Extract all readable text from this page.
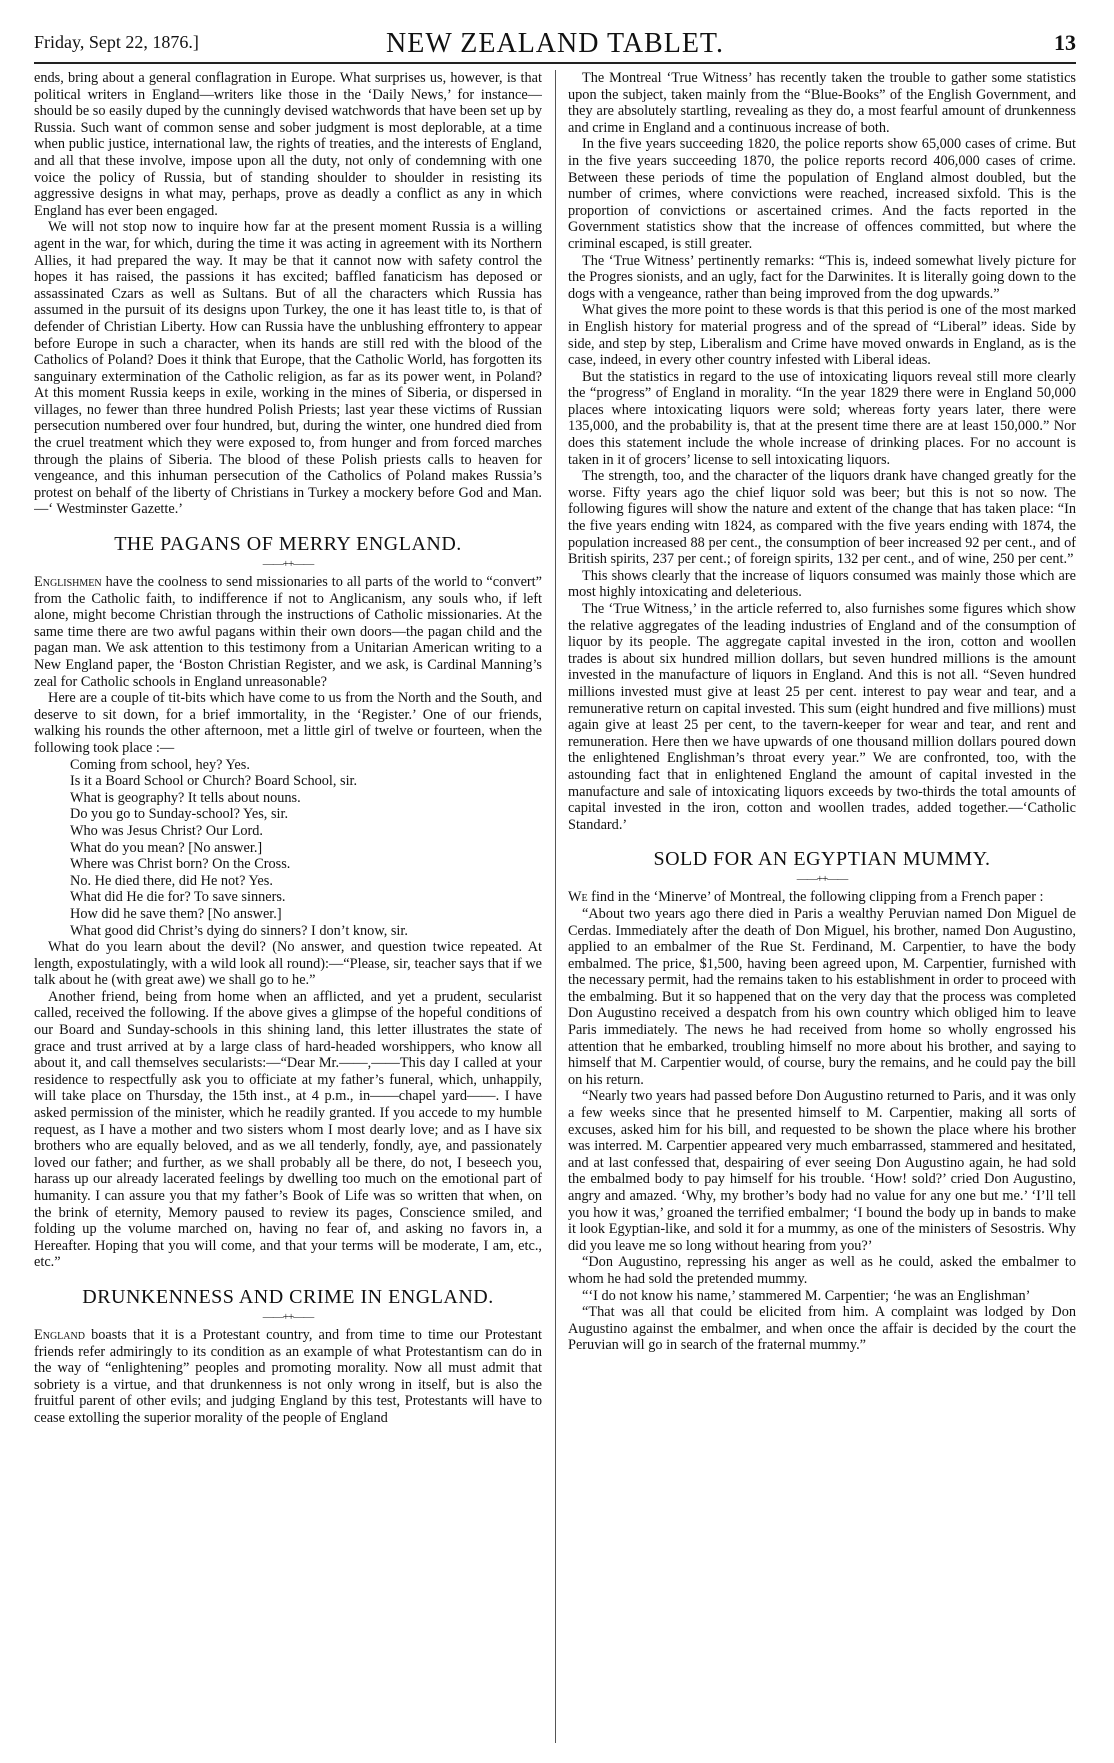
Friday, Sept 22, 1876.]	NEW ZEALAND TABLET.	13

ends, bring about a general conflagration in Europe. What surprises us, however, is that political writers in England—writers like those in the ‘Daily News,’ for instance—should be so easily duped by the cunningly devised watchwords that have been set up by Russia. Such want of common sense and sober judgment is most deplorable, at a time when public justice, international law, the rights of treaties, and the interests of England, and all that these involve, impose upon all the duty, not only of condemning with one voice the policy of Russia, but of standing shoulder to shoulder in resisting its aggressive designs in what may, perhaps, prove as deadly a conflict as any in which England has ever been engaged.

We will not stop now to inquire how far at the present moment Russia is a willing agent in the war, for which, during the time it was acting in agreement with its Northern Allies, it had prepared the way. It may be that it cannot now with safety control the hopes it has raised, the passions it has excited; baffled fanaticism has deposed or assassinated Czars as well as Sultans. But of all the characters which Russia has assumed in the pursuit of its designs upon Turkey, the one it has least title to, is that of defender of Christian Liberty. How can Russia have the unblushing effrontery to appear before Europe in such a character, when its hands are still red with the blood of the Catholics of Poland? Does it think that Europe, that the Catholic World, has forgotten its sanguinary extermination of the Catholic religion, as far as its power went, in Poland? At this moment Russia keeps in exile, working in the mines of Siberia, or dispersed in villages, no fewer than three hundred Polish Priests; last year these victims of Russian persecution numbered over four hundred, but, during the winter, one hundred died from the cruel treatment which they were exposed to, from hunger and from forced marches through the plains of Siberia. The blood of these Polish priests calls to heaven for vengeance, and this inhuman persecution of the Catholics of Poland makes Russia’s protest on behalf of the liberty of Christians in Turkey a mockery before God and Man.—‘ Westminster Gazette.’

THE PAGANS OF MERRY ENGLAND.
——++——

Englishmen have the coolness to send missionaries to all parts of the world to “convert” from the Catholic faith, to indifference if not to Anglicanism, any souls who, if left alone, might become Christian through the instructions of Catholic missionaries. At the same time there are two awful pagans within their own doors—the pagan child and the pagan man. We ask attention to this testimony from a Unitarian American writing to a New England paper, the ‘Boston Christian Register, and we ask, is Cardinal Manning’s zeal for Catholic schools in England unreasonable?

Here are a couple of tit-bits which have come to us from the North and the South, and deserve to sit down, for a brief immortality, in the ‘Register.’ One of our friends, walking his rounds the other afternoon, met a little girl of twelve or fourteen, when the following took place :—

Coming from school, hey? Yes.

Is it a Board School or Church? Board School, sir.

What is geography? It tells about nouns.

Do you go to Sunday-school? Yes, sir.

Who was Jesus Christ? Our Lord.

What do you mean? [No answer.]

Where was Christ born? On the Cross.

No. He died there, did He not? Yes.

What did He die for? To save sinners.

How did he save them? [No answer.]

What good did Christ’s dying do sinners? I don’t know, sir.

What do you learn about the devil? (No answer, and question twice repeated. At length, expostulatingly, with a wild look all round):—“Please, sir, teacher says that if we talk about he (with great awe) we shall go to he.”

Another friend, being from home when an afflicted, and yet a prudent, secularist called, received the following. If the above gives a glimpse of the hopeful conditions of our Board and Sunday-schools in this shining land, this letter illustrates the state of grace and trust arrived at by a large class of hard-headed worshippers, who know all about it, and call themselves secularists:—“Dear Mr.——,——This day I called at your residence to respectfully ask you to officiate at my father’s funeral, which, unhappily, will take place on Thursday, the 15th inst., at 4 p.m., in——chapel yard——. I have asked permission of the minister, which he readily granted. If you accede to my humble request, as I have a mother and two sisters whom I most dearly love; and as I have six brothers who are equally beloved, and as we all tenderly, fondly, aye, and passionately loved our father; and further, as we shall probably all be there, do not, I beseech you, harass up our already lacerated feelings by dwelling too much on the emotional part of humanity. I can assure you that my father’s Book of Life was so written that when, on the brink of eternity, Memory paused to review its pages, Conscience smiled, and folding up the volume marched on, having no fear of, and asking no favors in, a Hereafter. Hoping that you will come, and that your terms will be moderate, I am, etc., etc.”

DRUNKENNESS AND CRIME IN ENGLAND.
——++——

England boasts that it is a Protestant country, and from time to time our Protestant friends refer admiringly to its condition as an example of what Protestantism can do in the way of “enlightening” peoples and promoting morality. Now all must admit that sobriety is a virtue, and that drunkenness is not only wrong in itself, but is also the fruitful parent of other evils; and judging England by this test, Protestants will have to cease extolling the superior morality of the people of England

The Montreal ‘True Witness’ has recently taken the trouble to gather some statistics upon the subject, taken mainly from the “Blue-Books” of the English Government, and they are absolutely startling, revealing as they do, a most fearful amount of drunkenness and crime in England and a continuous increase of both.

In the five years succeeding 1820, the police reports show 65,000 cases of crime. But in the five years succeeding 1870, the police reports record 406,000 cases of crime. Between these periods of time the population of England almost doubled, but the number of crimes, where convictions were reached, increased sixfold. This is the proportion of convictions or ascertained crimes. And the facts reported in the Government statistics show that the increase of offences committed, but where the criminal escaped, is still greater.

The ‘True Witness’ pertinently remarks: “This is, indeed somewhat lively picture for the Progres sionists, and an ugly, fact for the Darwinites. It is literally going down to the dogs with a vengeance, rather than being improved from the dog upwards.”

What gives the more point to these words is that this period is one of the most marked in English history for material progress and of the spread of “Liberal” ideas. Side by side, and step by step, Liberalism and Crime have moved onwards in England, as is the case, indeed, in every other country infested with Liberal ideas.

But the statistics in regard to the use of intoxicating liquors reveal still more clearly the “progress” of England in morality. “In the year 1829 there were in England 50,000 places where intoxicating liquors were sold; whereas forty years later, there were 135,000, and the probability is, that at the present time there are at least 150,000.” Nor does this statement include the whole increase of drinking places. For no account is taken in it of grocers’ license to sell intoxicating liquors.

The strength, too, and the character of the liquors drank have changed greatly for the worse. Fifty years ago the chief liquor sold was beer; but this is not so now. The following figures will show the nature and extent of the change that has taken place: “In the five years ending witn 1824, as compared with the five years ending with 1874, the population increased 88 per cent., the consumption of beer increased 92 per cent., and of British spirits, 237 per cent.; of foreign spirits, 132 per cent., and of wine, 250 per cent.”

This shows clearly that the increase of liquors consumed was mainly those which are most highly intoxicating and deleterious.

The ‘True Witness,’ in the article referred to, also furnishes some figures which show the relative aggregates of the leading industries of England and of the consumption of liquor by its people. The aggregate capital invested in the iron, cotton and woollen trades is about six hundred million dollars, but seven hundred millions is the amount invested in the manufacture of liquors in England. And this is not all. “Seven hundred millions invested must give at least 25 per cent. interest to pay wear and tear, and a remunerative return on capital invested. This sum (eight hundred and five millions) must again give at least 25 per cent, to the tavern-keeper for wear and tear, and rent and remuneration. Here then we have upwards of one thousand million dollars poured down the enlightened Englishman’s throat every year.” We are confronted, too, with the astounding fact that in enlightened England the amount of capital invested in the manufacture and sale of intoxicating liquors exceeds by two-thirds the total amounts of capital invested in the iron, cotton and woollen trades, added together.—‘Catholic Standard.’

SOLD FOR AN EGYPTIAN MUMMY.
——++——

We find in the ‘Minerve’ of Montreal, the following clipping from a French paper :

“About two years ago there died in Paris a wealthy Peruvian named Don Miguel de Cerdas. Immediately after the death of Don Miguel, his brother, named Don Augustino, applied to an embalmer of the Rue St. Ferdinand, M. Carpentier, to have the body embalmed. The price, $1,500, having been agreed upon, M. Carpentier, furnished with the necessary permit, had the remains taken to his establishment in order to proceed with the embalming. But it so happened that on the very day that the process was completed Don Augustino received a despatch from his own country which obliged him to leave Paris immediately. The news he had received from home so wholly engrossed his attention that he embarked, troubling himself no more about his brother, and saying to himself that M. Carpentier would, of course, bury the remains, and he could pay the bill on his return.

“Nearly two years had passed before Don Augustino returned to Paris, and it was only a few weeks since that he presented himself to M. Carpentier, making all sorts of excuses, asked him for his bill, and requested to be shown the place where his brother was interred. M. Carpentier appeared very much embarrassed, stammered and hesitated, and at last confessed that, despairing of ever seeing Don Augustino again, he had sold the embalmed body to pay himself for his trouble. ‘How! sold?’ cried Don Augustino, angry and amazed. ‘Why, my brother’s body had no value for any one but me.’ ‘I’ll tell you how it was,’ groaned the terrified embalmer; ‘I bound the body up in bands to make it look Egyptian-like, and sold it for a mummy, as one of the ministers of Sesostris. Why did you leave me so long without hearing from you?’

“Don Augustino, repressing his anger as well as he could, asked the embalmer to whom he had sold the pretended mummy.

“‘I do not know his name,’ stammered M. Carpentier; ‘he was an Englishman’

“That was all that could be elicited from him. A complaint was lodged by Don Augustino against the embalmer, and when once the affair is decided by the court the Peruvian will go in search of the fraternal mummy.”
